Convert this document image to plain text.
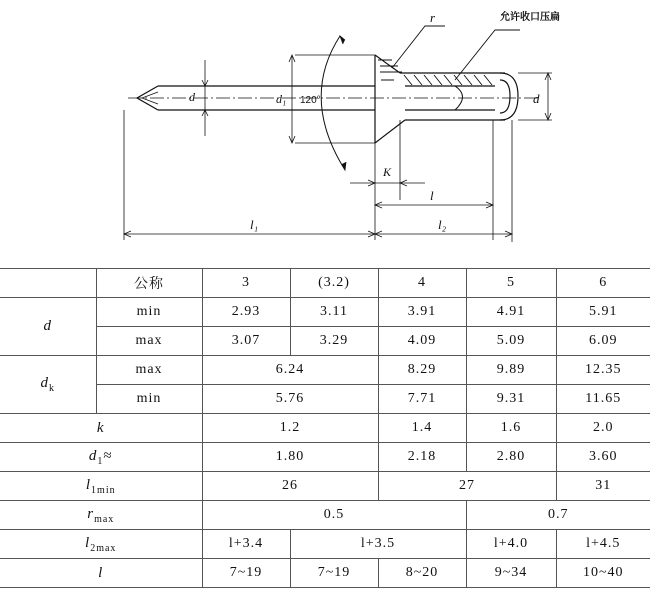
r	允许收口压扁
d	d₁ 120°	d
K
l
l₁	l₂
	公称	3	(3.2)	4	5	6
d	min	2.93	3.11	3.91	4.91	5.91
	max	3.07	3.29	4.09	5.09	6.09
$d_k$	max	6.24		8.29	9.89	12.35
	min	5.76		7.71	9.31	11.65
k		1.2		1.4	1.6	2.0
$d_1\approx$		1.80		2.18	2.80	3.60
$l_{1min}$		26		27		31
$r_{max}$		0.5			0.7	
$l_{2max}$		l+3.4	l+3.5		l+4.0	l+4.5
l		7~19	7~19	8~20	9~34	10~40
